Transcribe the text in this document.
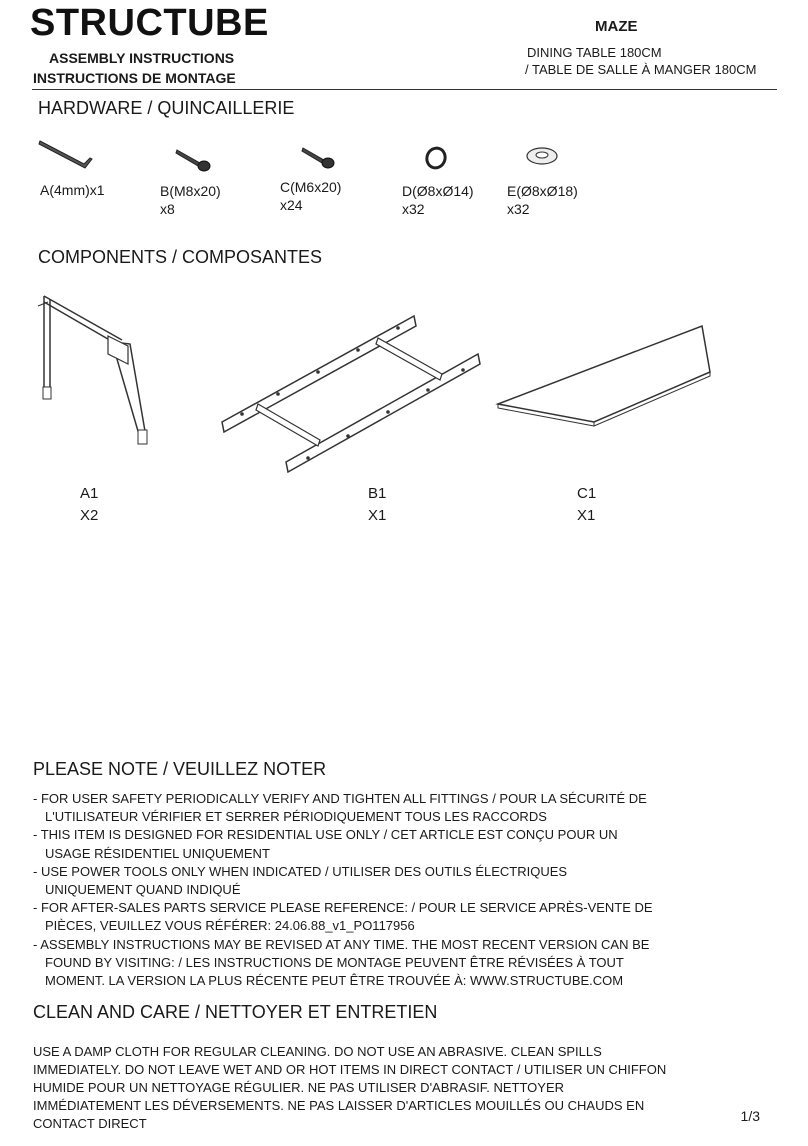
STRUCTUBE
ASSEMBLY INSTRUCTIONS
INSTRUCTIONS DE MONTAGE
MAZE
DINING TABLE 180CM
/ TABLE DE SALLE À MANGER 180CM
HARDWARE / QUINCAILLERIE
A(4mm)x1	B(M8x20)
x8
C(M6x20)
x24
D(Ø8xØ14)
x32
E(Ø8xØ18)
x32
COMPONENTS / COMPOSANTES
A1
X2
B1
X1
C1
X1
PLEASE NOTE / VEUILLEZ NOTER
- FOR USER SAFETY PERIODICALLY VERIFY AND TIGHTEN ALL FITTINGS / POUR LA SÉCURITÉ DE L'UTILISATEUR VÉRIFIER ET SERRER PÉRIODIQUEMENT TOUS LES RACCORDS
- THIS ITEM IS DESIGNED FOR RESIDENTIAL USE ONLY / CET ARTICLE EST CONÇU POUR UN USAGE RÉSIDENTIEL UNIQUEMENT
- USE POWER TOOLS ONLY WHEN INDICATED / UTILISER DES OUTILS ÉLECTRIQUES UNIQUEMENT QUAND INDIQUÉ
- FOR AFTER-SALES PARTS SERVICE PLEASE REFERENCE: / POUR LE SERVICE APRÈS-VENTE DE PIÈCES, VEUILLEZ VOUS RÉFÉRER: 24.06.88_v1_PO117956
- ASSEMBLY INSTRUCTIONS MAY BE REVISED AT ANY TIME. THE MOST RECENT VERSION CAN BE FOUND BY VISITING: / LES INSTRUCTIONS DE MONTAGE PEUVENT ÊTRE RÉVISÉES À TOUT MOMENT. LA VERSION LA PLUS RÉCENTE PEUT ÊTRE TROUVÉE À: WWW.STRUCTUBE.COM
CLEAN AND CARE / NETTOYER ET ENTRETIEN
USE A DAMP CLOTH FOR REGULAR CLEANING. DO NOT USE AN ABRASIVE. CLEAN SPILLS IMMEDIATELY. DO NOT LEAVE WET AND OR HOT ITEMS IN DIRECT CONTACT / UTILISER UN CHIFFON HUMIDE POUR UN NETTOYAGE RÉGULIER. NE PAS UTILISER D'ABRASIF. NETTOYER IMMÉDIATEMENT LES DÉVERSEMENTS. NE PAS LAISSER D'ARTICLES MOUILLÉS OU CHAUDS EN CONTACT DIRECT	1/3
